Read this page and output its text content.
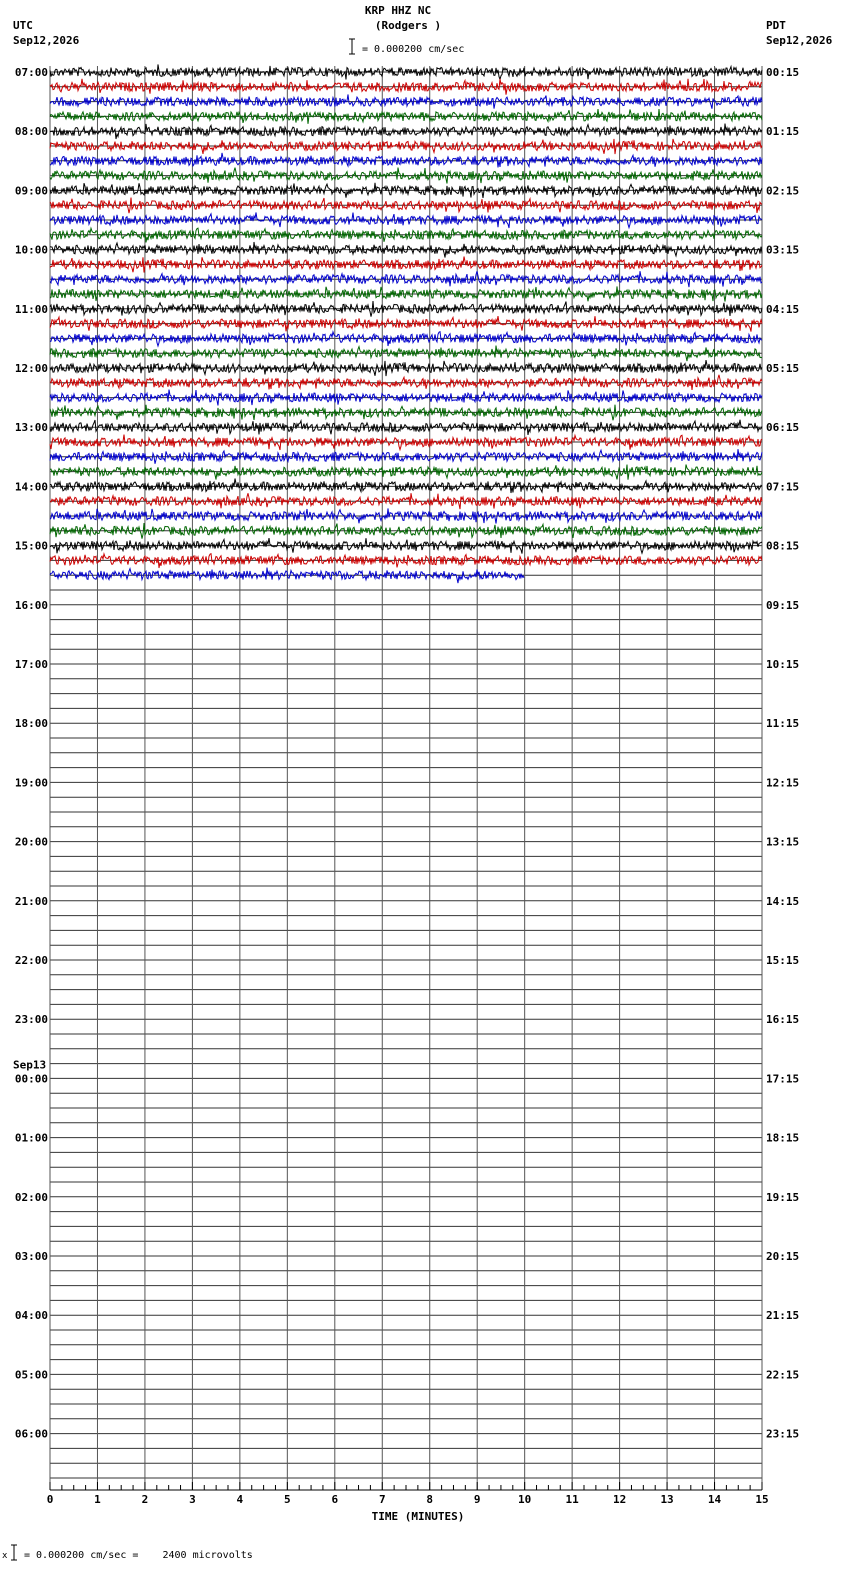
KRP HHZ NC
(Rodgers )
= 0.000200 cm/sec
UTC
Sep12,2026
PDT
Sep12,2026
0	1	2	3	4	5	6	7	8	9	10	11	12	13	14	15
07:00
08:00
09:00
10:00
11:00
12:00
13:00
14:00
15:00
16:00
17:00
18:00
19:00
20:00
21:00
22:00
23:00
00:00
Sep13
01:00
02:00
03:00
04:00
05:00
06:00
00:15
01:15
02:15
03:15
04:15
05:15
06:15
07:15
08:15
09:15
10:15
11:15
12:15
13:15
14:15
15:15
16:15
17:15
18:15
19:15
20:15
21:15
22:15
23:15
TIME (MINUTES)
x = 0.000200 cm/sec =    2400 microvolts
